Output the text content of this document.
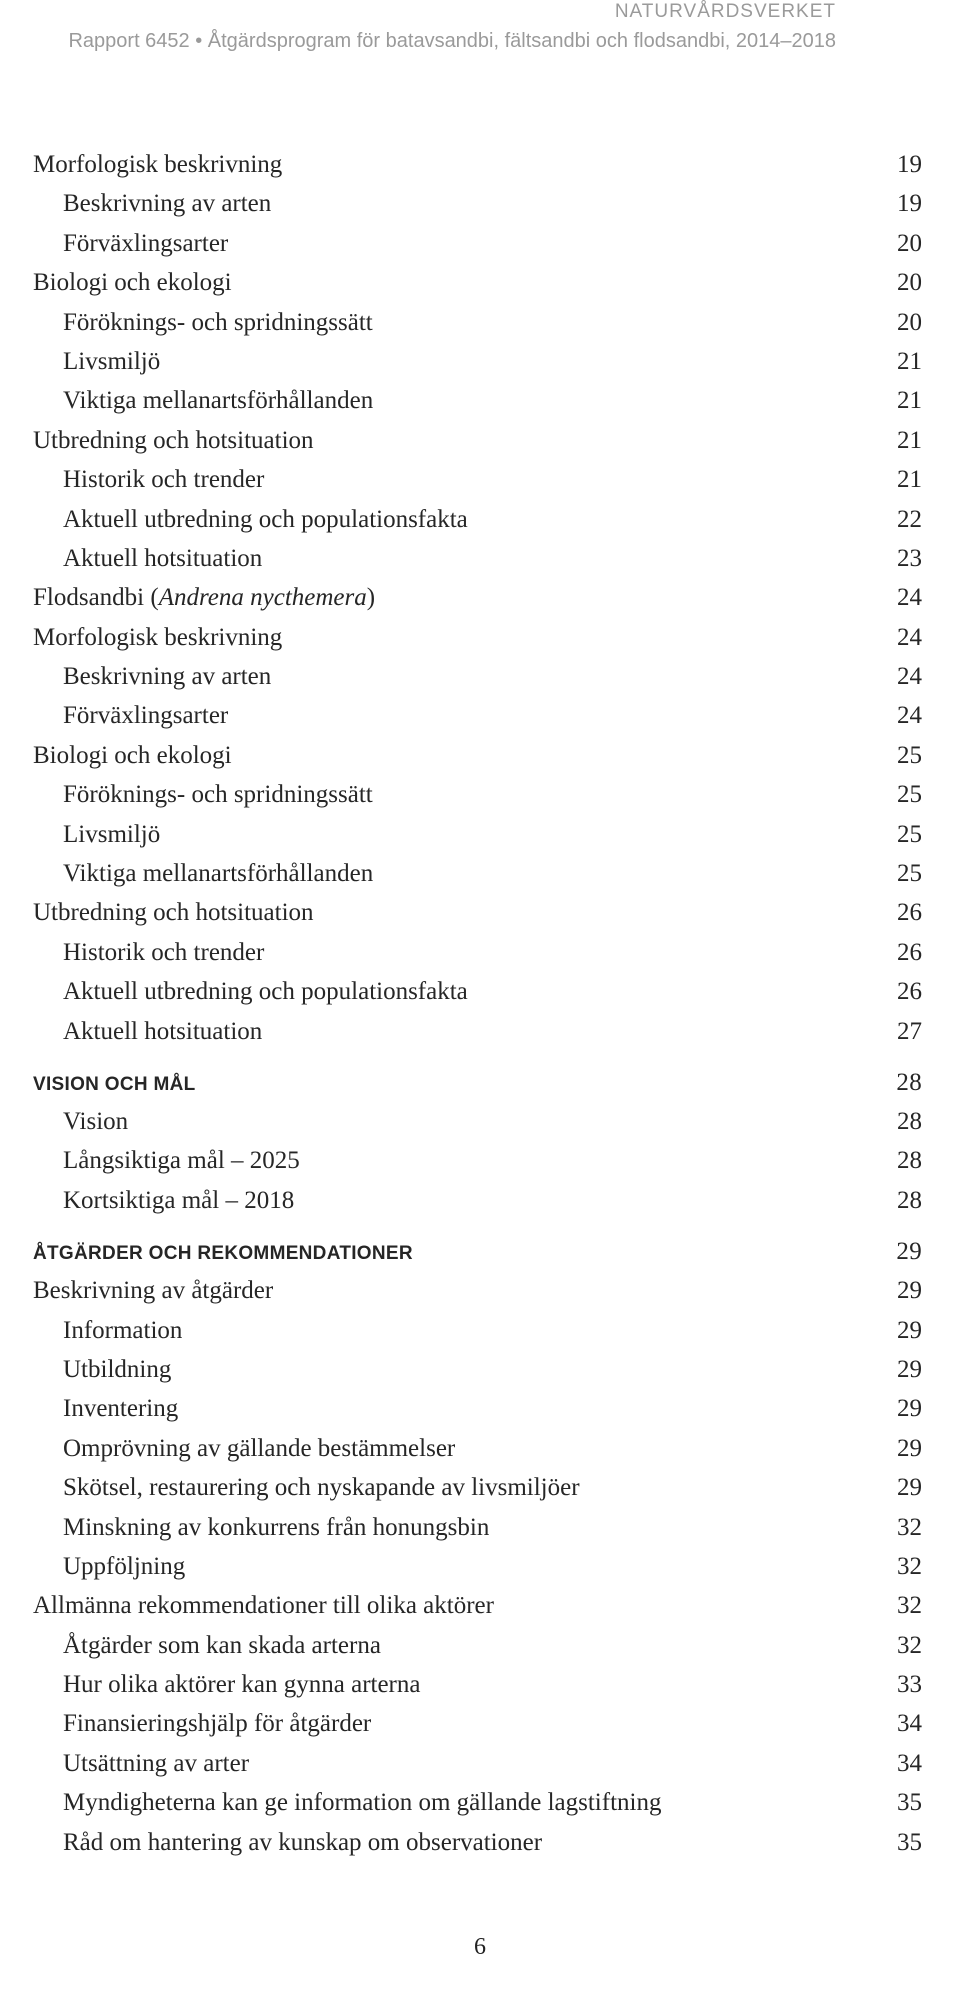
NATURVÅRDSVERKET
Rapport 6452 • Åtgärdsprogram för batavsandbi, fältsandbi och flodsandbi, 2014–2018
Morfologisk beskrivning	19
Beskrivning av arten	19
Förväxlingsarter	20
Biologi och ekologi	20
Föröknings- och spridningssätt	20
Livsmiljö	21
Viktiga mellanartsförhållanden	21
Utbredning och hotsituation	21
Historik och trender	21
Aktuell utbredning och populationsfakta	22
Aktuell hotsituation	23
Flodsandbi (Andrena nycthemera)	24
Morfologisk beskrivning	24
Beskrivning av arten	24
Förväxlingsarter	24
Biologi och ekologi	25
Föröknings- och spridningssätt	25
Livsmiljö	25
Viktiga mellanartsförhållanden	25
Utbredning och hotsituation	26
Historik och trender	26
Aktuell utbredning och populationsfakta	26
Aktuell hotsituation	27
VISION OCH MÅL	28
Vision	28
Långsiktiga mål – 2025	28
Kortsiktiga mål – 2018	28
ÅTGÄRDER OCH REKOMMENDATIONER	29
Beskrivning av åtgärder	29
Information	29
Utbildning	29
Inventering	29
Omprövning av gällande bestämmelser	29
Skötsel, restaurering och nyskapande av livsmiljöer	29
Minskning av konkurrens från honungsbin	32
Uppföljning	32
Allmänna rekommendationer till olika aktörer	32
Åtgärder som kan skada arterna	32
Hur olika aktörer kan gynna arterna	33
Finansieringshjälp för åtgärder	34
Utsättning av arter	34
Myndigheterna kan ge information om gällande lagstiftning	35
Råd om hantering av kunskap om observationer	35
6
